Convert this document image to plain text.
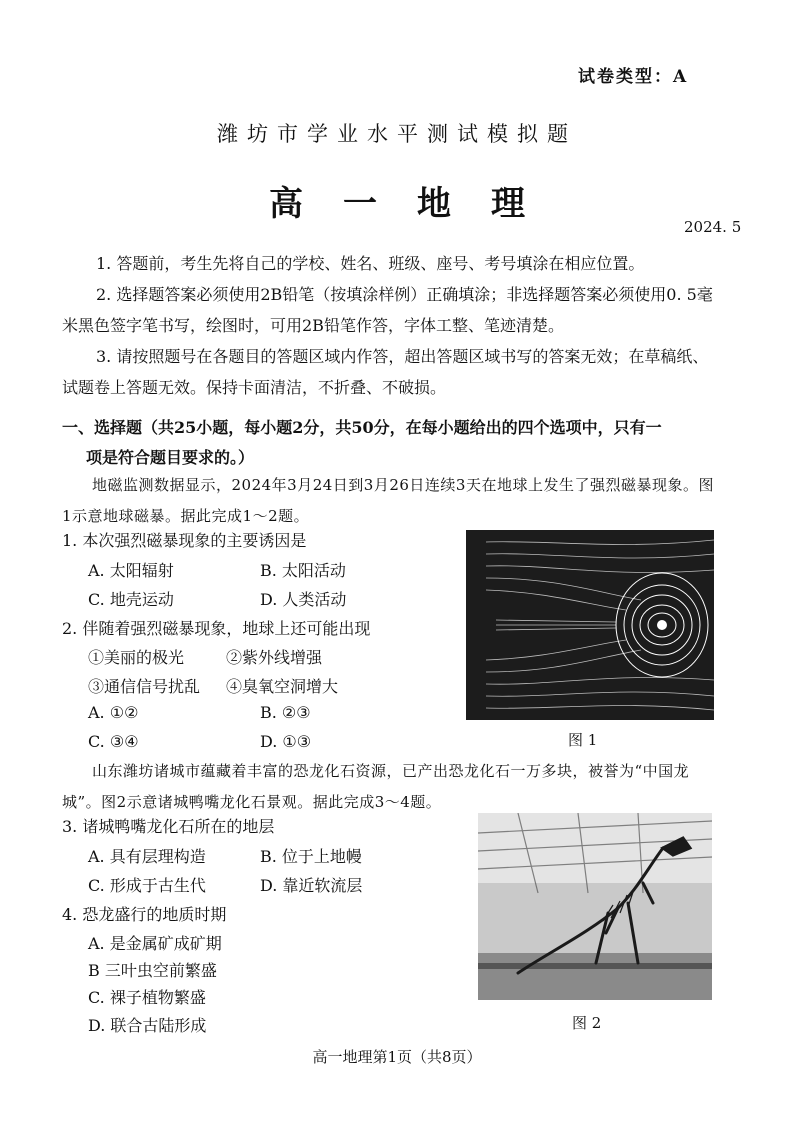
试卷类型：A
潍坊市学业水平测试模拟题
高一地理
2024. 5
1. 答题前，考生先将自己的学校、姓名、班级、座号、考号填涂在相应位置。
2. 选择题答案必须使用2B铅笔（按填涂样例）正确填涂；非选择题答案必须使用0. 5毫米黑色签字笔书写，绘图时，可用2B铅笔作答，字体工整、笔迹清楚。
3. 请按照题号在各题目的答题区域内作答，超出答题区域书写的答案无效；在草稿纸、试题卷上答题无效。保持卡面清洁，不折叠、不破损。
一、选择题（共25小题，每小题2分，共50分，在每小题给出的四个选项中，只有一
项是符合题目要求的。）
地磁监测数据显示，2024年3月24日到3月26日连续3天在地球上发生了强烈磁暴现象。图1示意地球磁暴。据此完成1～2题。
1. 本次强烈磁暴现象的主要诱因是
A. 太阳辐射	B. 太阳活动
C. 地壳运动	D. 人类活动
2. 伴随着强烈磁暴现象，地球上还可能出现
①美丽的极光	②紫外线增强
③通信信号扰乱 ④臭氧空洞增大
A. ①②	B. ②③
C. ③④	D. ①③	图 1
山东潍坊诸城市蕴藏着丰富的恐龙化石资源，已产出恐龙化石一万多块，被誉为“中国龙城”。图2示意诸城鸭嘴龙化石景观。据此完成3～4题。
3. 诸城鸭嘴龙化石所在的地层
A. 具有层理构造	B. 位于上地幔
C. 形成于古生代	D. 靠近软流层
4. 恐龙盛行的地质时期
A. 是金属矿成矿期
B 三叶虫空前繁盛
C. 裸子植物繁盛
D. 联合古陆形成	图 2
高一地理第1页（共8页）
